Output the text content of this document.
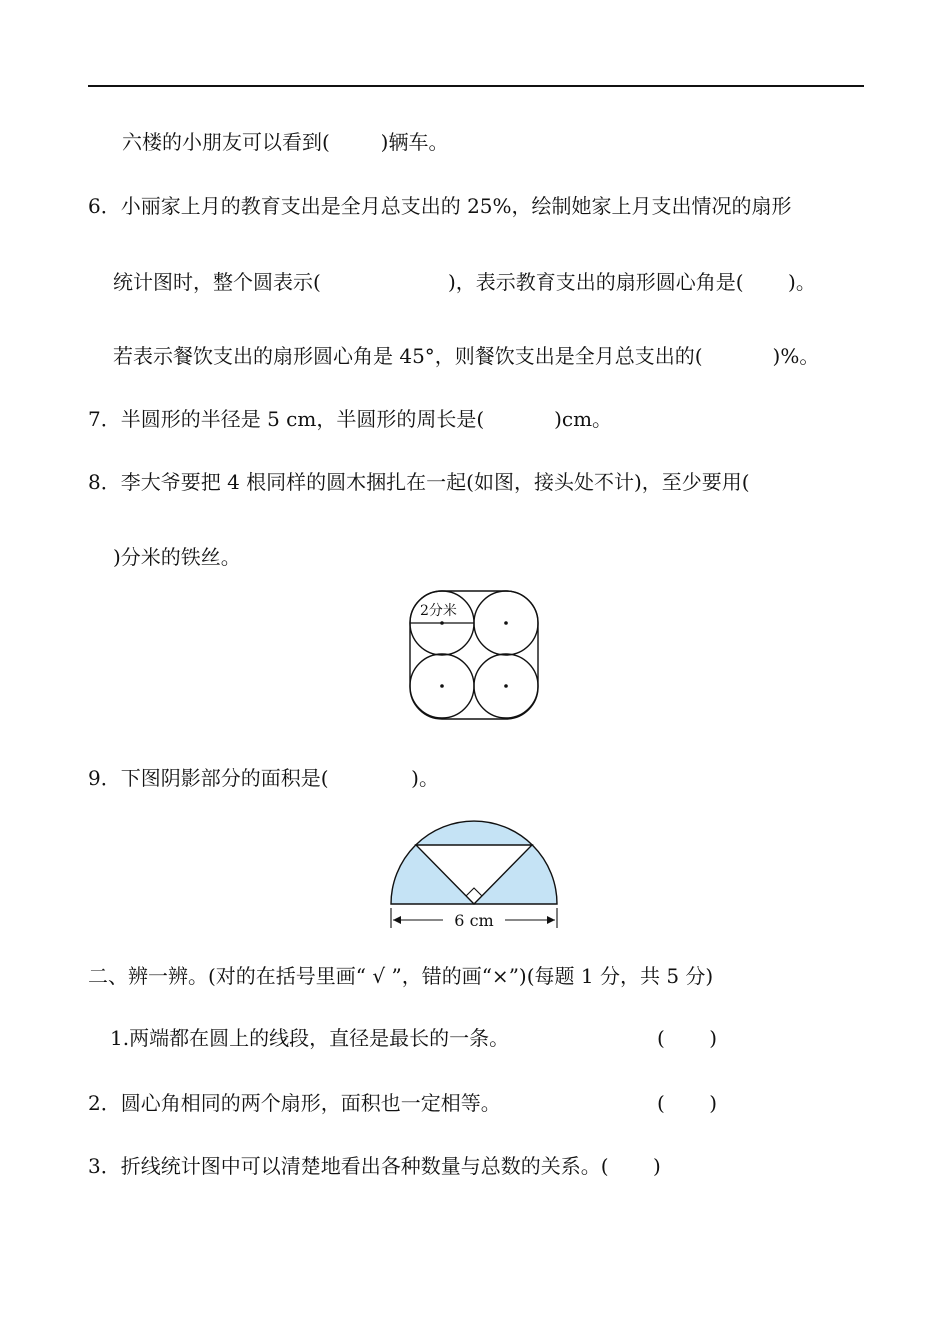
六楼的小朋友可以看到(        )辆车。
6．小丽家上月的教育支出是全月总支出的 25%，绘制她家上月支出情况的扇形
统计图时，整个圆表示(                    )，表示教育支出的扇形圆心角是(       )。
若表示餐饮支出的扇形圆心角是 45°，则餐饮支出是全月总支出的(           )%。
7．半圆形的半径是 5 cm，半圆形的周长是(           )cm。
8．李大爷要把 4 根同样的圆木捆扎在一起(如图，接头处不计)，至少要用(
)分米的铁丝。
2分米
9．下图阴影部分的面积是(             )。
6 cm
二、辨一辨。(对的在括号里画“ √ ”，错的画“×”)(每题 1 分，共 5 分)
1.两端都在圆上的线段，直径是最长的一条。	(       )
2．圆心角相同的两个扇形，面积也一定相等。	(       )
3．折线统计图中可以清楚地看出各种数量与总数的关系。(       )
